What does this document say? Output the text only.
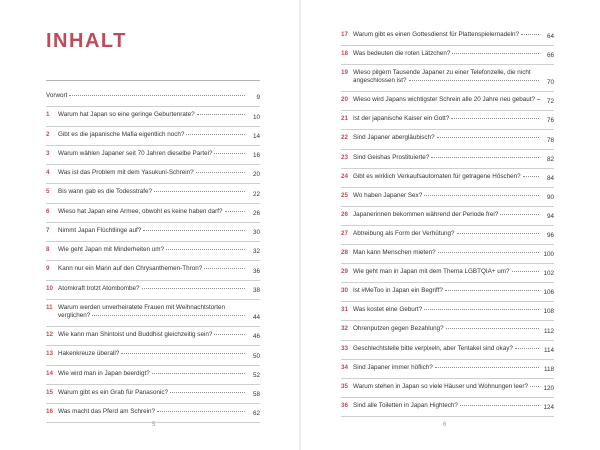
INHALT
Vorwort	9
1	Warum hat Japan so eine geringe Geburtenrate?	10
2	Gibt es die japanische Mafia eigentlich noch?	14
3	Warum wählen Japaner seit 70 Jahren dieselbe Partei?	16
4	Was ist das Problem mit dem Yasukuni-Schrein?	20
5	Bis wann gab es die Todesstrafe?	22
6	Wieso hat Japan eine Armee, obwohl es keine haben darf?	26
7	Nimmt Japan Flüchtlinge auf?	30
8	Wie geht Japan mit Minderheiten um?	32
9	Kann nur ein Mann auf den Chrysanthemen-Thron?	36
10 Atomkraft trotzt Atombombe?	38
11 Warum werden unverheiratete Frauen mit Weihnachtstorten
verglichen?	44
12 Wie kann man Shintoist und Buddhist gleichzeitig sein?	46
13 Hakenkreuze überall?	50
14 Wie wird man in Japan beerdigt?	52
15 Warum gibt es ein Grab für Panasonic?	58
16 Was macht das Pferd am Schrein?	62
5
17 Warum gibt es einen Gottesdienst für Plattenspielernadeln?	64
18 Was bedeuten die roten Lätzchen?	66
19 Wieso pilgern Tausende Japaner zu einer Telefonzelle, die nicht
angeschlossen ist?	70
20 Wieso wird Japans wichtigster Schrein alle 20 Jahre neu gebaut? 72
21 Ist der japanische Kaiser ein Gott?	76
22 Sind Japaner abergläubisch?	78
23 Sind Geishas Prostituierte?	82
24 Gibt es wirklich Verkaufsautomaten für getragene Höschen?	84
25 Wo haben Japaner Sex?	90
26 Japanerinnen bekommen während der Periode frei?	94
27 Abtreibung als Form der Verhütung?	96
28 Man kann Menschen mieten?	100
29 Wie geht man in Japan mit dem Thema LGBTQIA+ um?	102
30 Ist #MeToo in Japan ein Begriff?	106
31 Was kostet eine Geburt?	108
32 Ohrenputzen gegen Bezahlung?	112
33 Geschlechtsteile bitte verpixeln, aber Tentakel sind okay?	114
34 Sind Japaner immer höflich?	118
35 Warum stehen in Japan so viele Häuser und Wohnungen leer? 120
36 Sind alle Toiletten in Japan Hightech?	124
6
